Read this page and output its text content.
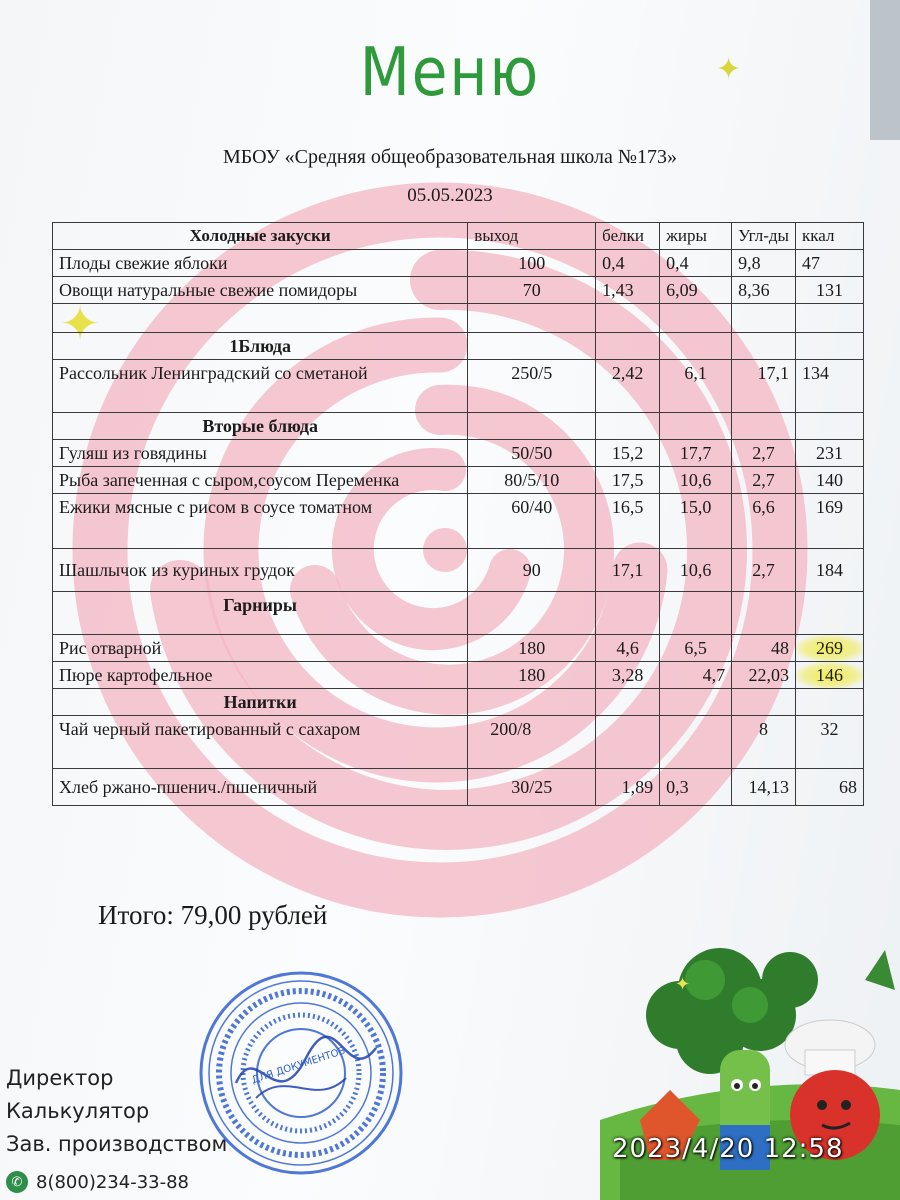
Меню	✦
✦
МБОУ «Средняя общеобразовательная школа №173»
05.05.2023
Холодные закуски	выход	белки	жиры	Угл-ды	ккал
Плоды свежие яблоки	100	0,4	0,4	9,8	47
Овощи натуральные свежие помидоры	70	1,43	6,09	8,36	131

1Блюда					
Рассольник Ленинградский со сметаной	250/5	2,42	6,1	17,1	134
Вторые блюда					
Гуляш из говядины	50/50	15,2	17,7	2,7	231
Рыба запеченная с сыром,соусом Переменка	80/5/10	17,5	10,6	2,7	140
Ежики мясные с рисом в соусе томатном	60/40	16,5	15,0	6,6	169
Шашлычок из куриных грудок	90	17,1	10,6	2,7	184
Гарниры					
Рис отварной	180	4,6	6,5	48	269
Пюре картофельное	180	3,28	4,7	22,03	146
Напитки					
Чай черный пакетированный с сахаром	200/8			8	32
Хлеб ржано-пшенич./пшеничный	30/25	1,89	0,3	14,13	68
Итого: 79,00 рублей
Директор
Калькулятор
Зав. производством
✆ 8(800)234-33-88
ДЛЯ ДОКУМЕНТОВ
✦
2023/4/20 12:58
